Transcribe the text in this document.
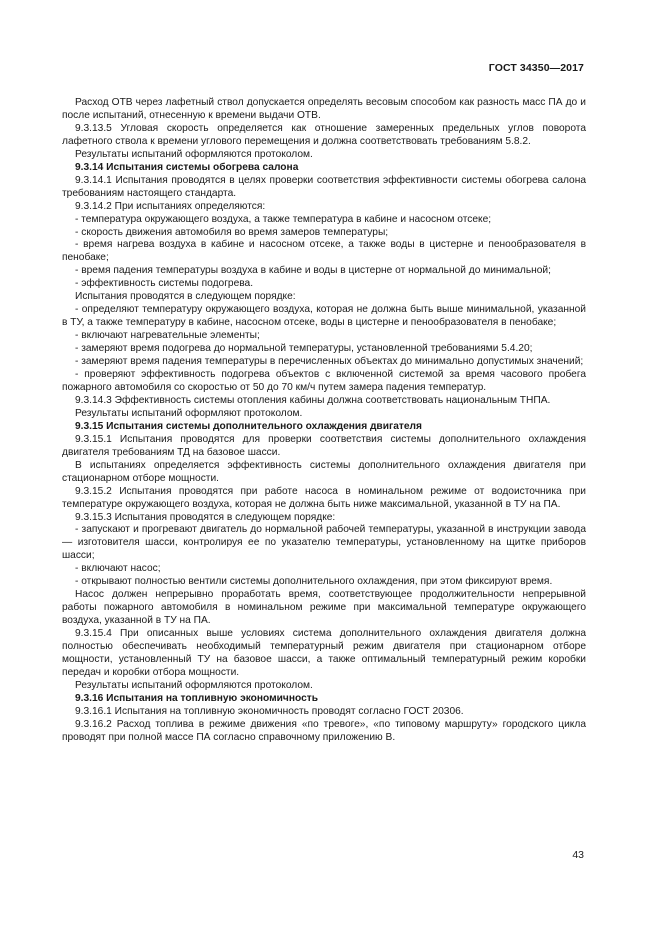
ГОСТ 34350—2017

Расход ОТВ через лафетный ствол допускается определять весовым способом как разность масс ПА до и после испытаний, отнесенную к времени выдачи ОТВ.

9.3.13.5 Угловая скорость определяется как отношение замеренных предельных углов поворота лафетного ствола к времени углового перемещения и должна соответствовать требованиям 5.8.2.

Результаты испытаний оформляются протоколом.

9.3.14 Испытания системы обогрева салона

9.3.14.1 Испытания проводятся в целях проверки соответствия эффективности системы обогрева салона требованиям настоящего стандарта.

9.3.14.2 При испытаниях определяются:

- температура окружающего воздуха, а также температура в кабине и насосном отсеке;

- скорость движения автомобиля во время замеров температуры;

- время нагрева воздуха в кабине и насосном отсеке, а также воды в цистерне и пенообразователя в пенобаке;

- время падения температуры воздуха в кабине и воды в цистерне от нормальной до минимальной;

- эффективность системы подогрева.

Испытания проводятся в следующем порядке:

- определяют температуру окружающего воздуха, которая не должна быть выше минимальной, указанной в ТУ, а также температуру в кабине, насосном отсеке, воды в цистерне и пенообразователя в пенобаке;

- включают нагревательные элементы;

- замеряют время подогрева до нормальной температуры, установленной требованиями 5.4.20;

- замеряют время падения температуры в перечисленных объектах до минимально допустимых значений;

- проверяют эффективность подогрева объектов с включенной системой за время часового пробега пожарного автомобиля со скоростью от 50 до 70 км/ч путем замера падения температур.

9.3.14.3 Эффективность системы отопления кабины должна соответствовать национальным ТНПА.

Результаты испытаний оформляют протоколом.

9.3.15 Испытания системы дополнительного охлаждения двигателя

9.3.15.1 Испытания проводятся для проверки соответствия системы дополнительного охлаждения двигателя требованиям ТД на базовое шасси.

В испытаниях определяется эффективность системы дополнительного охлаждения двигателя при стационарном отборе мощности.

9.3.15.2 Испытания проводятся при работе насоса в номинальном режиме от водоисточника при температуре окружающего воздуха, которая не должна быть ниже максимальной, указанной в ТУ на ПА.

9.3.15.3 Испытания проводятся в следующем порядке:

- запускают и прогревают двигатель до нормальной рабочей температуры, указанной в инструкции завода — изготовителя шасси, контролируя ее по указателю температуры, установленному на щитке приборов шасси;

- включают насос;

- открывают полностью вентили системы дополнительного охлаждения, при этом фиксируют время.

Насос должен непрерывно проработать время, соответствующее продолжительности непрерывной работы пожарного автомобиля в номинальном режиме при максимальной температуре окружающего воздуха, указанной в ТУ на ПА.

9.3.15.4 При описанных выше условиях система дополнительного охлаждения двигателя должна полностью обеспечивать необходимый температурный режим двигателя при стационарном отборе мощности, установленный ТУ на базовое шасси, а также оптимальный температурный режим коробки передач и коробки отбора мощности.

Результаты испытаний оформляются протоколом.

9.3.16 Испытания на топливную экономичность

9.3.16.1 Испытания на топливную экономичность проводят согласно ГОСТ 20306.

9.3.16.2 Расход топлива в режиме движения «по тревоге», «по типовому маршруту» городского цикла проводят при полной массе ПА согласно справочному приложению В.

43
